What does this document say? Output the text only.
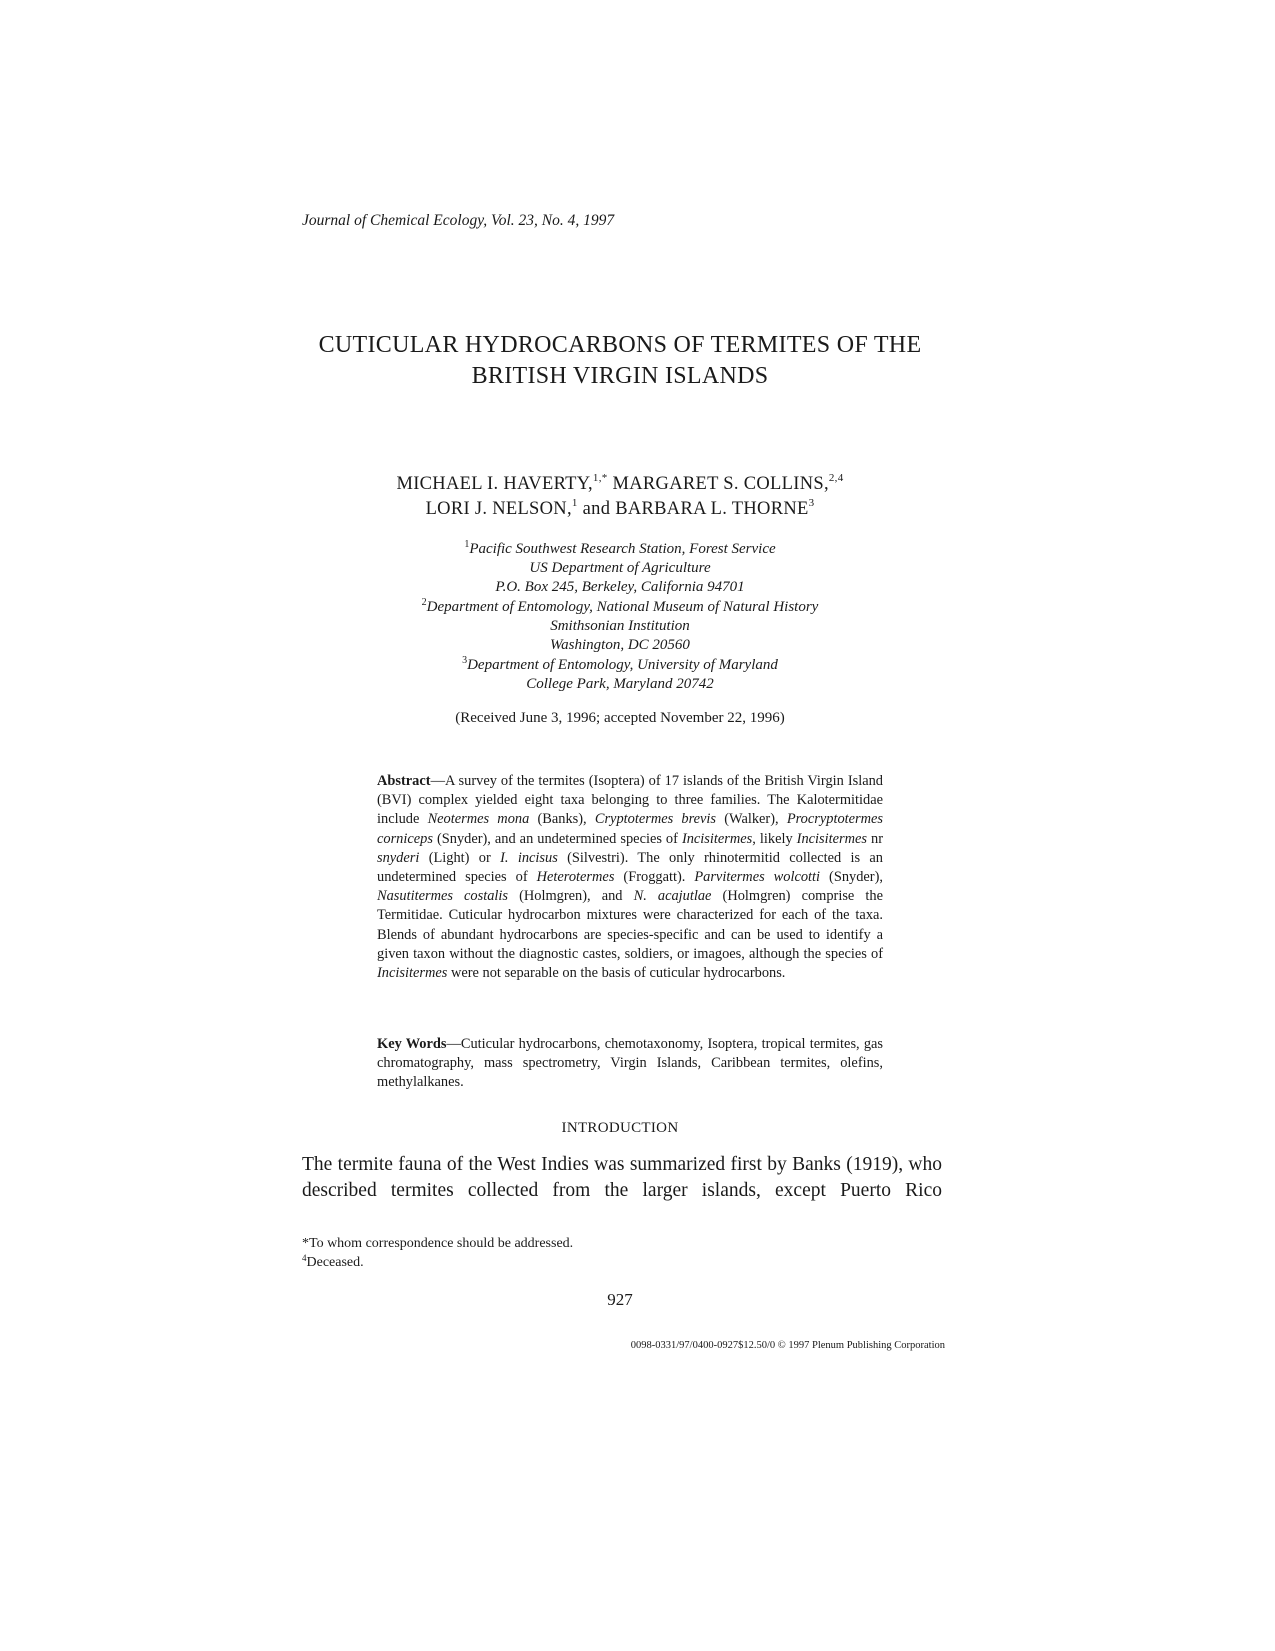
Journal of Chemical Ecology, Vol. 23, No. 4, 1997
CUTICULAR HYDROCARBONS OF TERMITES OF THE
BRITISH VIRGIN ISLANDS
MICHAEL I. HAVERTY,$^{1,*}$ MARGARET S. COLLINS,$^{2,4}$
LORI J. NELSON,$^1$ and BARBARA L. THORNE$^3$
$^1$Pacific Southwest Research Station, Forest Service
US Department of Agriculture
P.O. Box 245, Berkeley, California 94701
$^2$Department of Entomology, National Museum of Natural History
Smithsonian Institution
Washington, DC 20560
$^3$Department of Entomology, University of Maryland
College Park, Maryland 20742
(Received June 3, 1996; accepted November 22, 1996)
Abstract—A survey of the termites (Isoptera) of 17 islands of the British Virgin Island (BVI) complex yielded eight taxa belonging to three families. The Kalotermitidae include Neotermes mona (Banks), Cryptotermes brevis (Walker), Procryptotermes corniceps (Snyder), and an undetermined species of Incisitermes, likely Incisitermes nr snyderi (Light) or I. incisus (Silvestri). The only rhinotermitid collected is an undetermined species of Heterotermes (Froggatt). Parvitermes wolcotti (Snyder), Nasutitermes costalis (Holmgren), and N. acajutlae (Holmgren) comprise the Termitidae. Cuticular hydrocarbon mixtures were characterized for each of the taxa. Blends of abundant hydrocarbons are species-specific and can be used to identify a given taxon without the diagnostic castes, soldiers, or imagoes, although the species of Incisitermes were not separable on the basis of cuticular hydrocarbons.
Key Words—Cuticular hydrocarbons, chemotaxonomy, Isoptera, tropical termites, gas chromatography, mass spectrometry, Virgin Islands, Caribbean termites, olefins, methylalkanes.
INTRODUCTION
The termite fauna of the West Indies was summarized first by Banks (1919), who described termites collected from the larger islands, except Puerto Rico
*To whom correspondence should be addressed.
$^4$Deceased.
927
0098-0331/97/0400-0927$12.50/0 © 1997 Plenum Publishing Corporation
